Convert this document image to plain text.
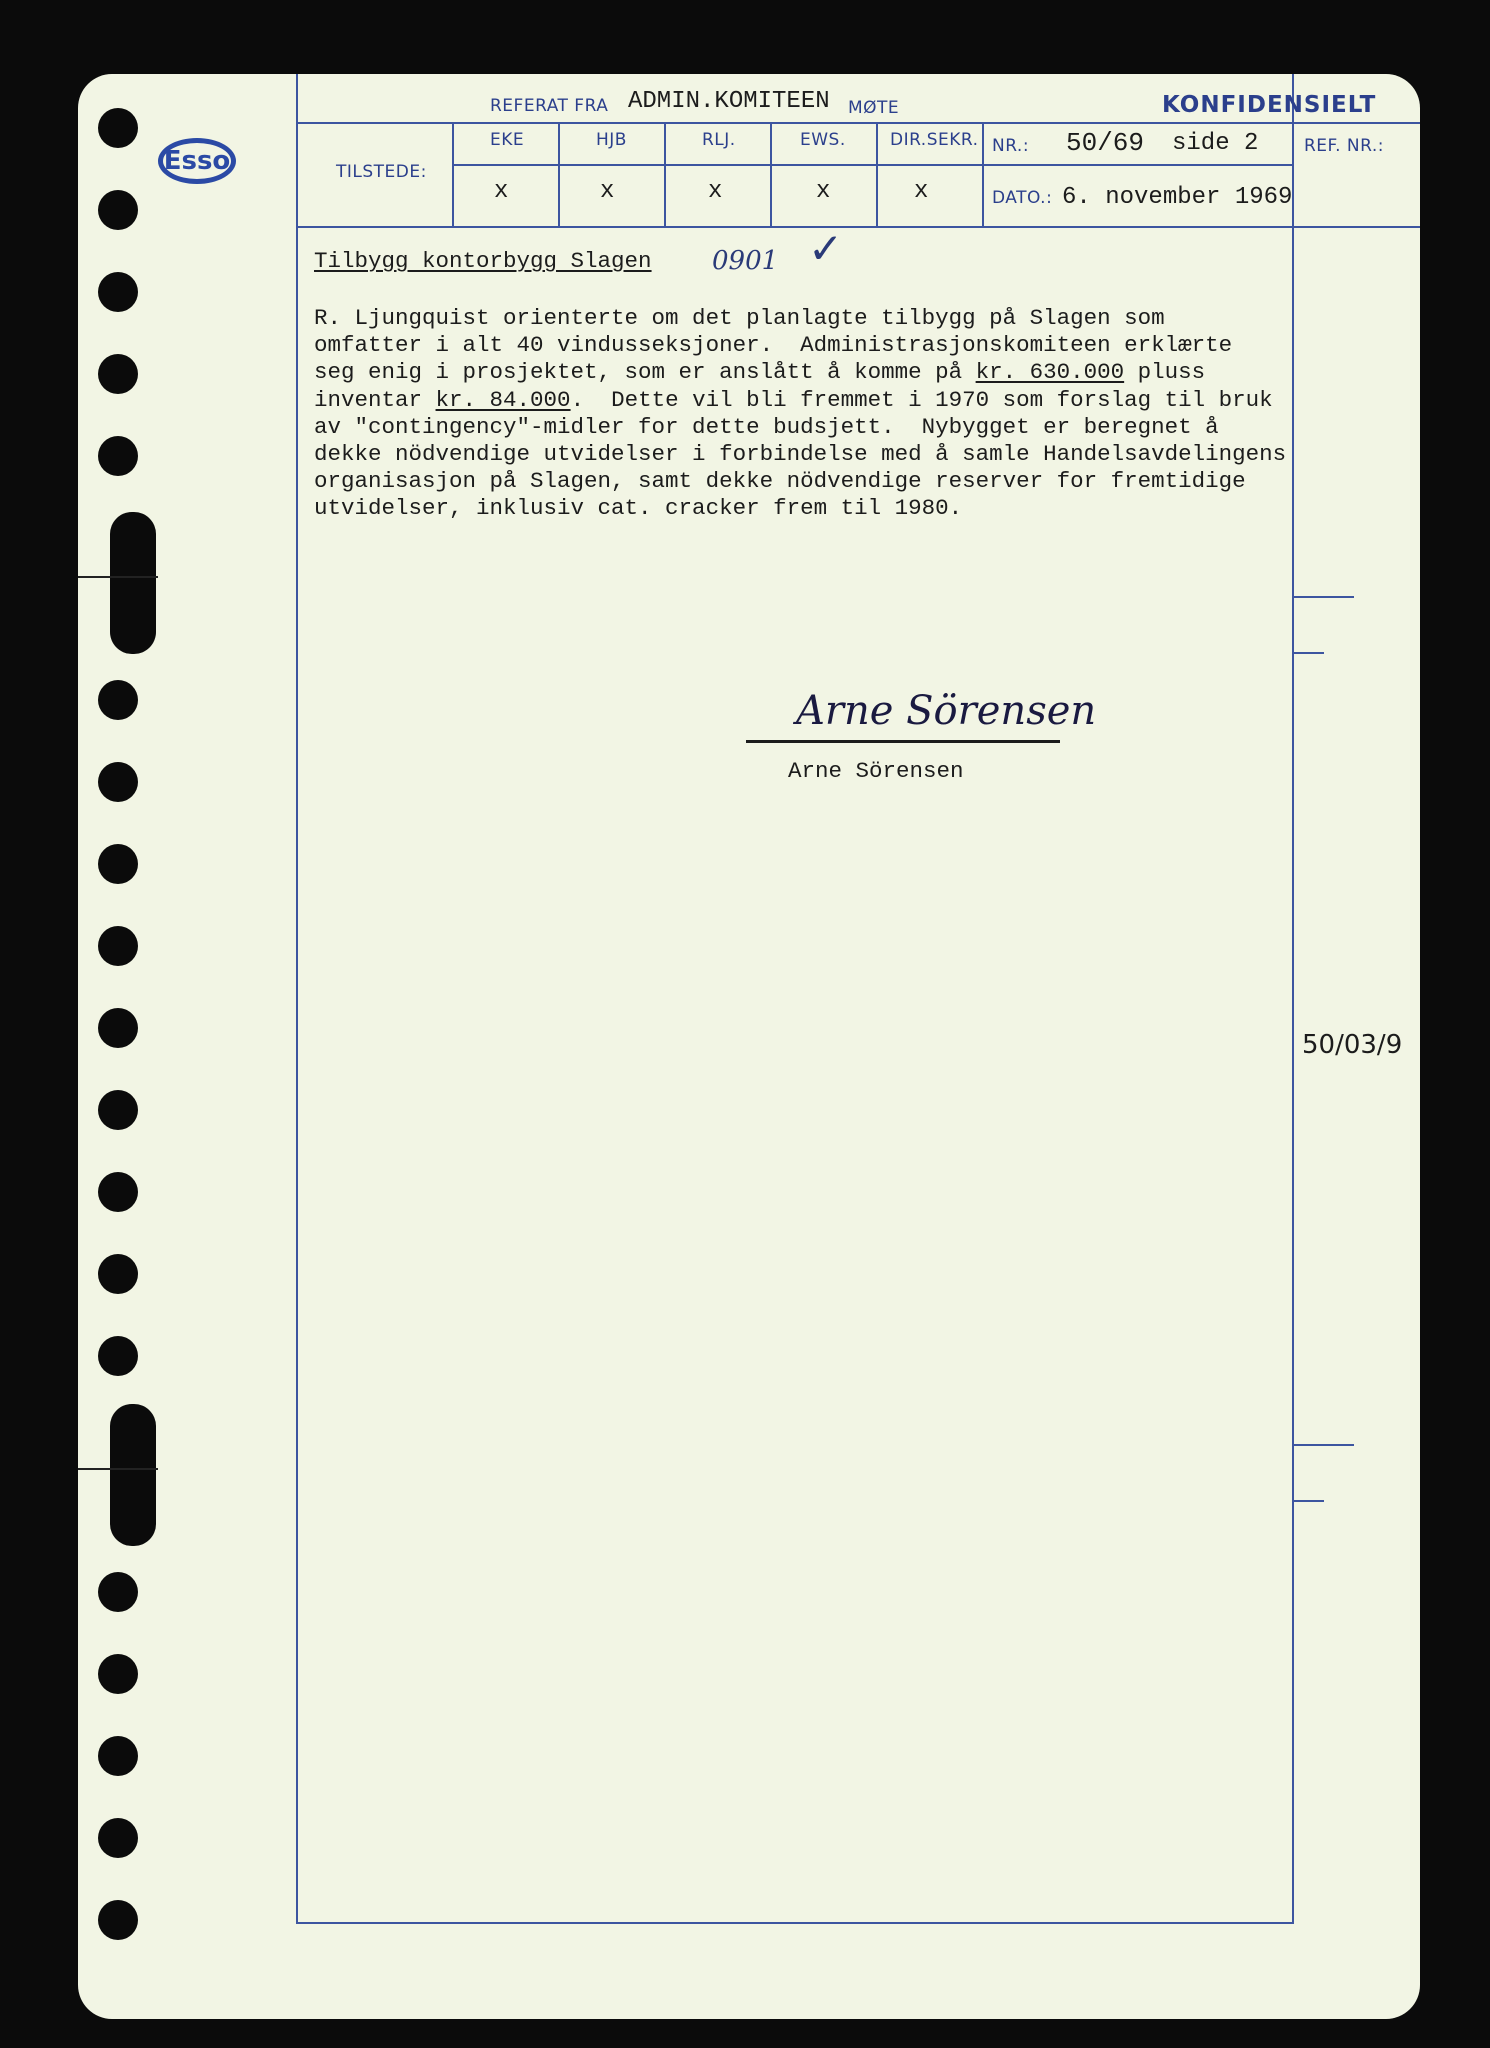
Esso
REFERAT FRA ADMIN.KOMITEEN MØTE	KONFIDENSIELT
TILSTEDE:
EKE	HJB	RLJ.	EWS.	DIR.SEKR.
x	x	x	x	x
NR.: 50/69 side 2	REF. NR.:
DATO.: 6. november 1969
Tilbygg kontorbygg Slagen 0901 ✓
R. Ljungquist orienterte om det planlagte tilbygg på Slagen som
omfatter i alt 40 vindusseksjoner.  Administrasjonskomiteen erklærte
seg enig i prosjektet, som er anslått å komme på kr. 630.000 pluss
inventar kr. 84.000.  Dette vil bli fremmet i 1970 som forslag til bruk
av "contingency"-midler for dette budsjett.  Nybygget er beregnet å
dekke nödvendige utvidelser i forbindelse med å samle Handelsavdelingens
organisasjon på Slagen, samt dekke nödvendige reserver for fremtidige
utvidelser, inklusiv cat. cracker frem til 1980.
Arne Sörensen
Arne Sörensen
50/03/9
